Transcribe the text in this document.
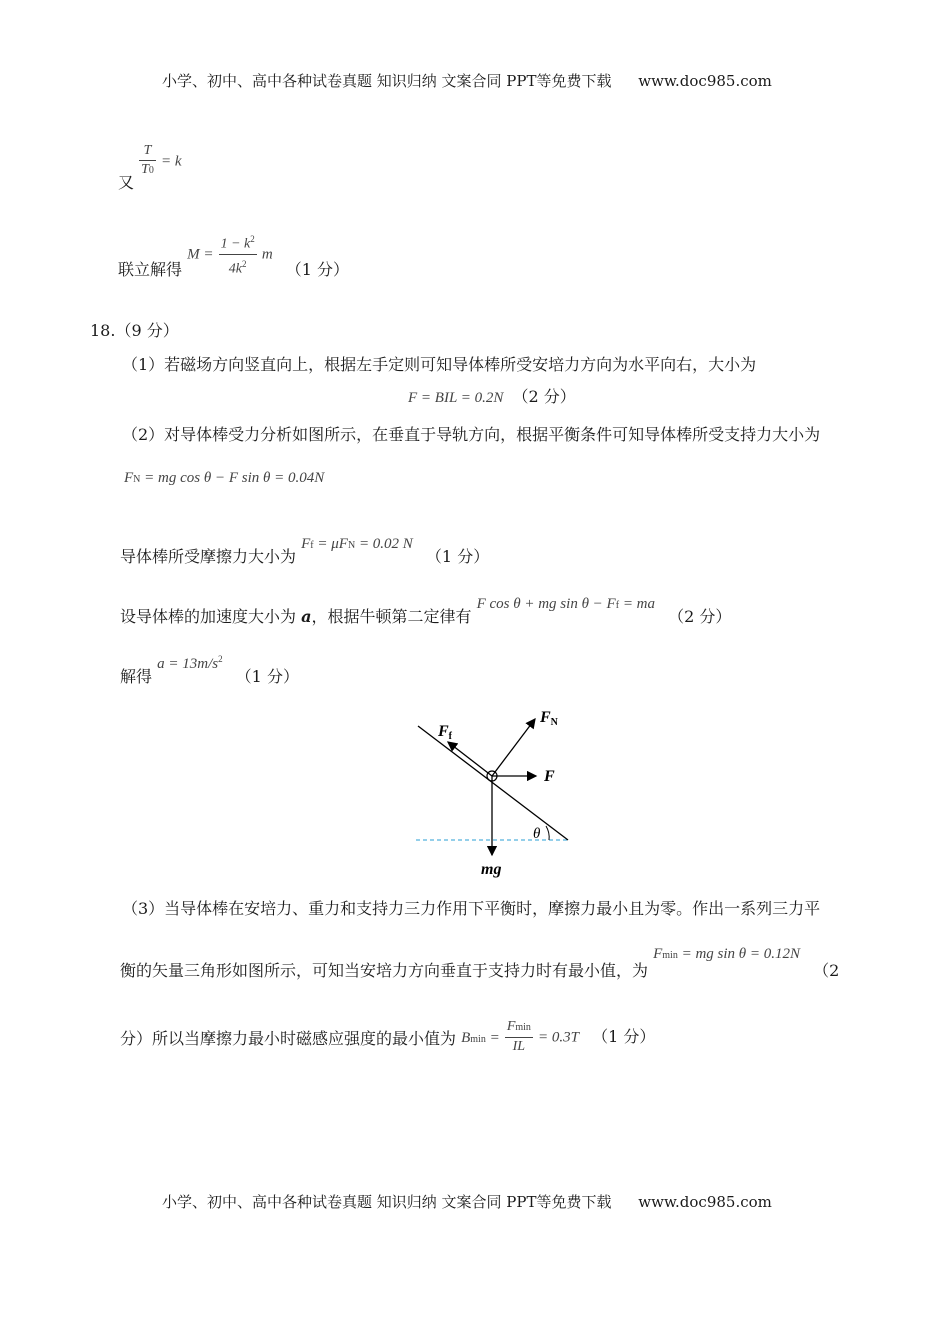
小学、初中、高中各种试卷真题 知识归纳 文案合同 PPT等免费下载 www.doc985.com
又
$\frac{T}{T0} = k$
联立解得 $M = \frac{1 - k^2}{4k^2}$ m （1 分）
18.（9 分）
（1）若磁场方向竖直向上，根据左手定则可知导体棒所受安培力方向为水平向右，大小为
F = BIL = 0.2N （2 分）
（2）对导体棒受力分析如图所示，在垂直于导轨方向，根据平衡条件可知导体棒所受支持力大小为
FN = mg cos θ − F sin θ = 0.04N
导体棒所受摩擦力大小为 Ff = μFN = 0.02 N （1 分）
设导体棒的加速度大小为 a，根据牛顿第二定律有 F cos θ + mg sin θ − Ff = ma （2 分）
解得 $a = 13m/s^2$ （1 分）
Ff
FN
F
mg
θ
（3）当导体棒在安培力、重力和支持力三力作用下平衡时，摩擦力最小且为零。作出一系列三力平
衡的矢量三角形如图所示，可知当安培力方向垂直于支持力时有最小值，为 Fmin = mg sin θ = 0.12N （2
分）所以当摩擦力最小时磁感应强度的最小值为 $Bmin = \frac{Fmin}{IL} = 0.3T$ （1 分）
小学、初中、高中各种试卷真题 知识归纳 文案合同 PPT等免费下载 www.doc985.com
